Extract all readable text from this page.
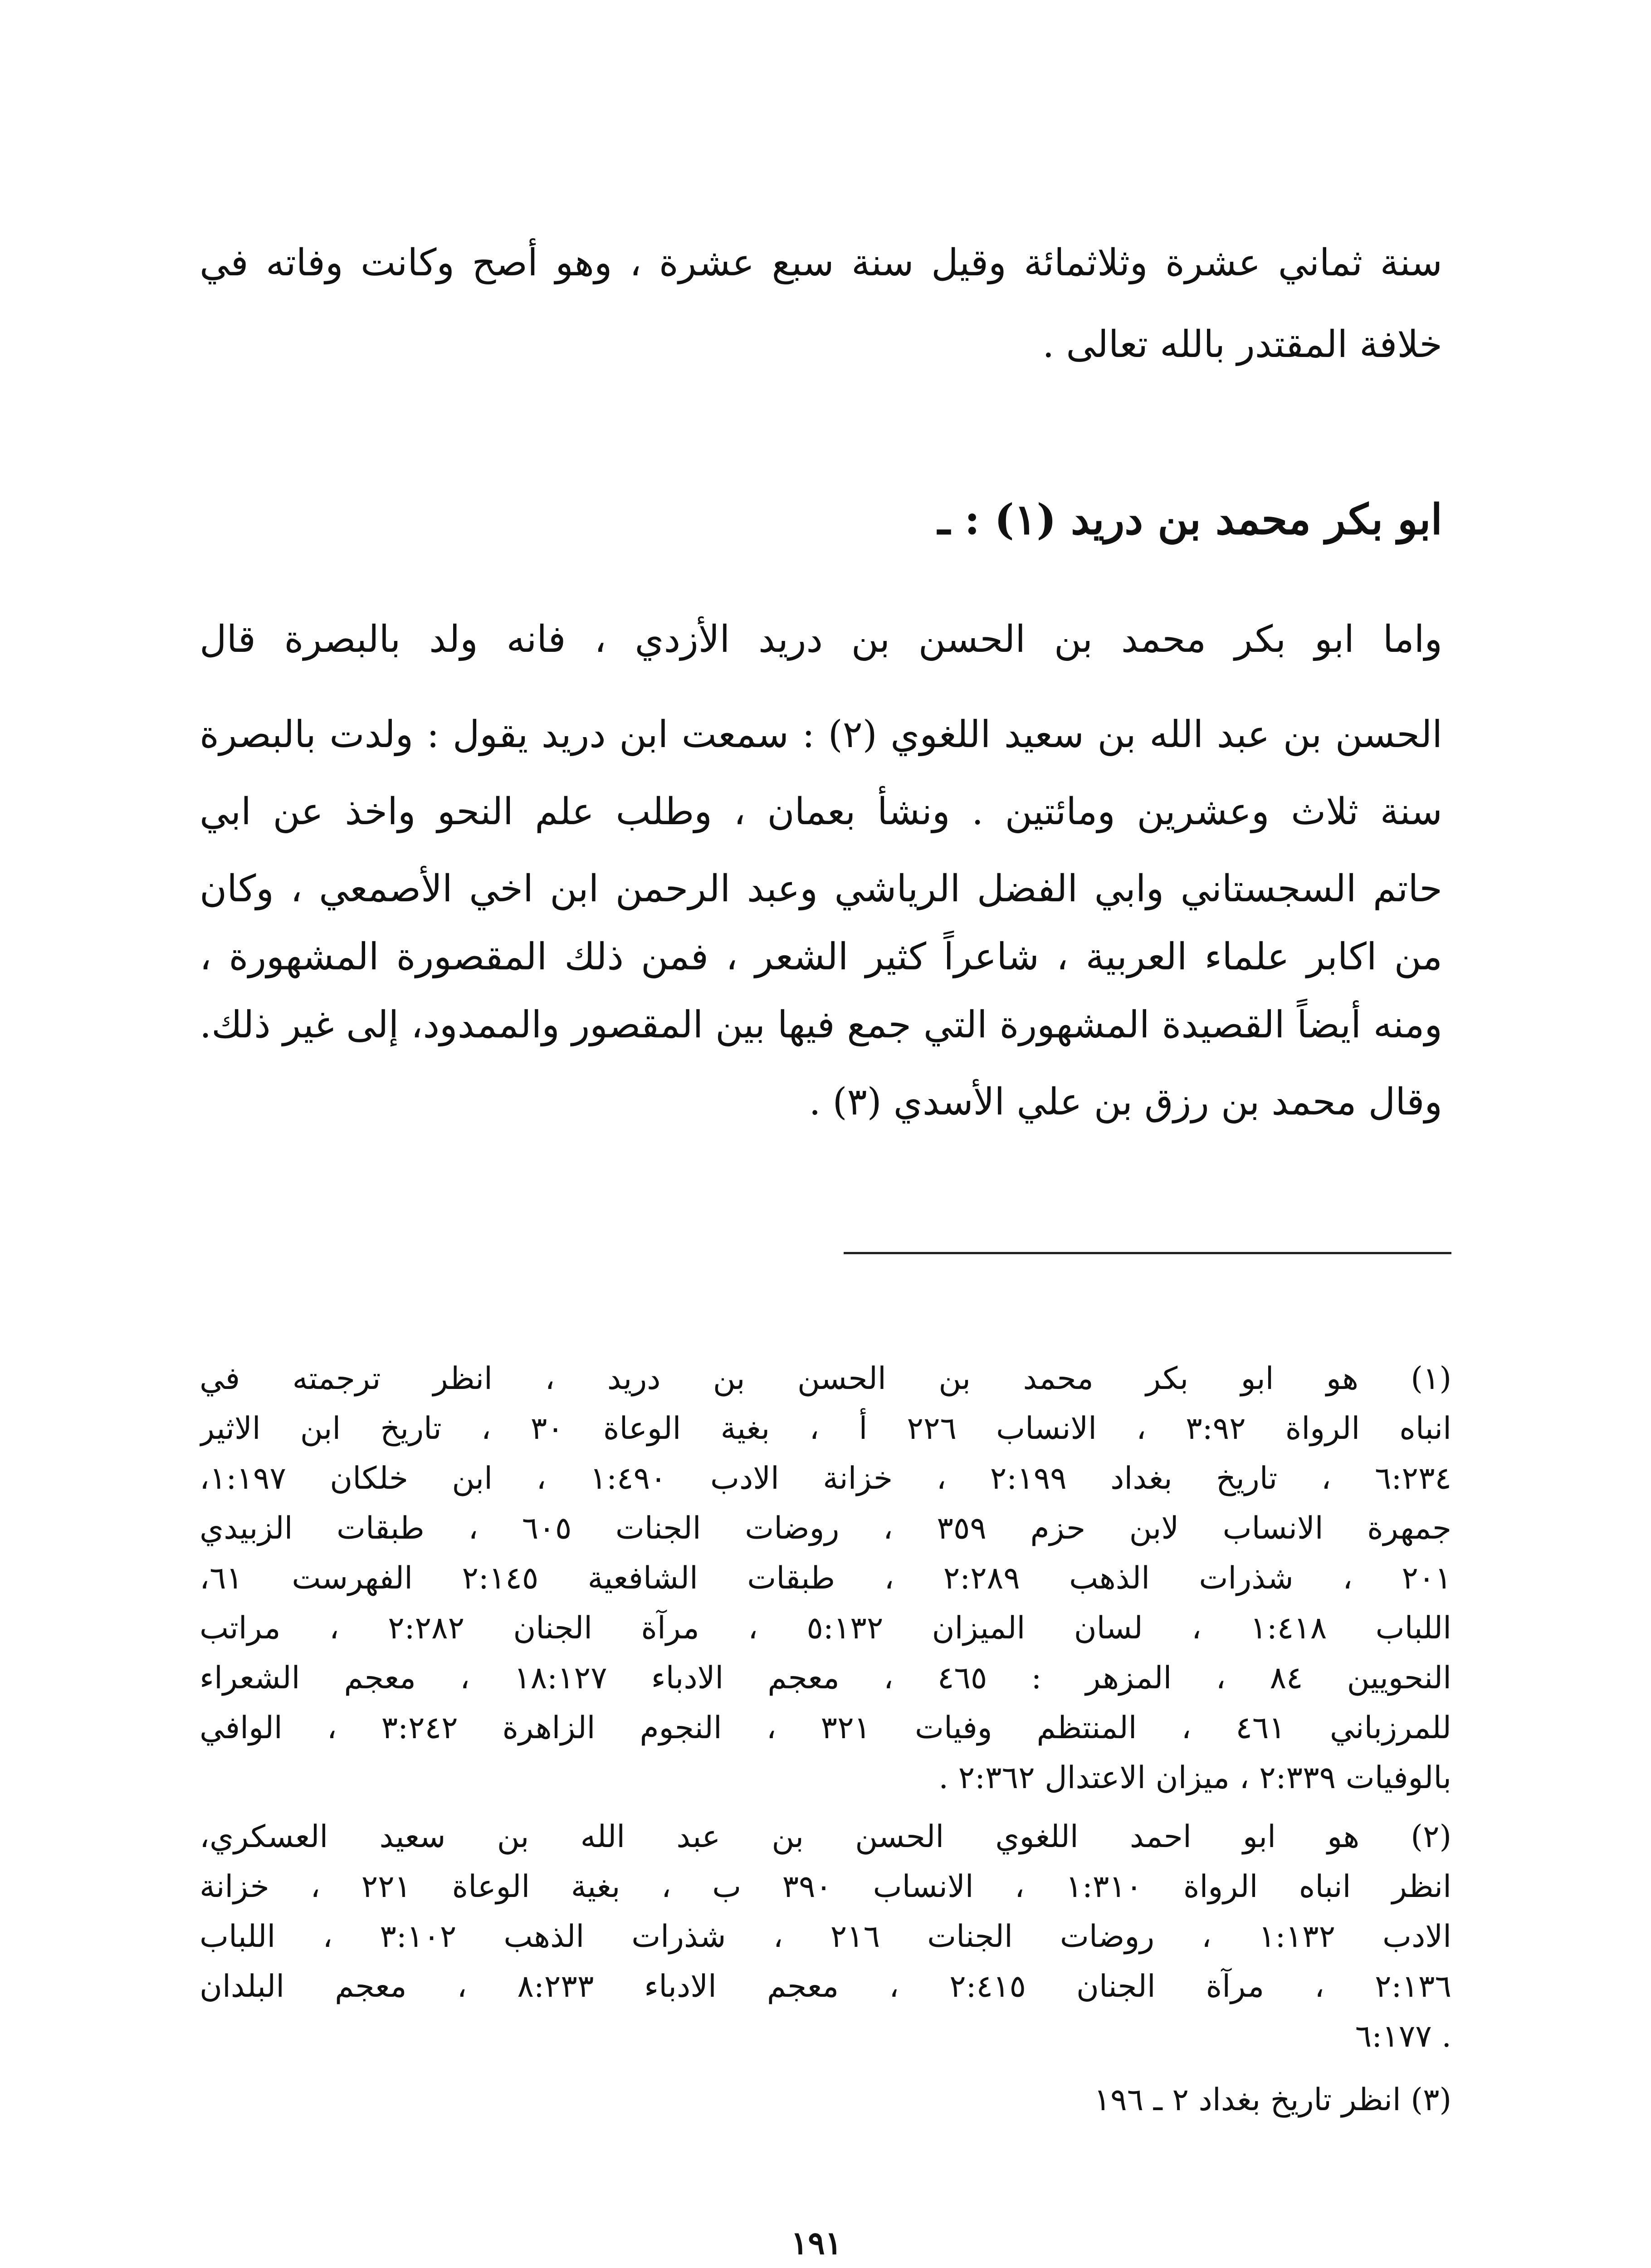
سنة ثماني عشرة وثلاثمائة وقيل سنة سبع عشرة ، وهو أصح وكانت وفاته في
خلافة المقتدر بالله تعالى .
ابو بكر محمد بن دريد (١) : ـ
واما ابو بكر محمد بن الحسن بن دريد الأزدي ، فانه ولد بالبصرة قال
الحسن بن عبد الله بن سعيد اللغوي (٢) : سمعت ابن دريد يقول : ولدت بالبصرة
سنة ثلاث وعشرين ومائتين . ونشأ بعمان ، وطلب علم النحو واخذ عن ابي
حاتم السجستاني وابي الفضل الرياشي وعبد الرحمن ابن اخي الأصمعي ، وكان
من اكابر علماء العربية ، شاعراً كثير الشعر ، فمن ذلك المقصورة المشهورة ،
ومنه أيضاً القصيدة المشهورة التي جمع فيها بين المقصور والممدود، إلى غير ذلك.
وقال محمد بن رزق بن علي الأسدي (٣) .
(١) هو ابو بكر محمد بن الحسن بن دريد ، انظر ترجمته في
انباه الرواة ٣:٩٢ ، الانساب ٢٢٦ أ ، بغية الوعاة ٣٠ ، تاريخ ابن الاثير
٦:٢٣٤ ، تاريخ بغداد ٢:١٩٩ ، خزانة الادب ١:٤٩٠ ، ابن خلكان ١:١٩٧،
جمهرة الانساب لابن حزم ٣٥٩ ، روضات الجنات ٦٠٥ ، طبقات الزبيدي
٢٠١ ، شذرات الذهب ٢:٢٨٩ ، طبقات الشافعية ٢:١٤٥ الفهرست ٦١،
اللباب ١:٤١٨ ، لسان الميزان ٥:١٣٢ ، مرآة الجنان ٢:٢٨٢ ، مراتب
النحويين ٨٤ ، المزهر : ٤٦٥ ، معجم الادباء ١٨:١٢٧ ، معجم الشعراء
للمرزباني ٤٦١ ، المنتظم وفيات ٣٢١ ، النجوم الزاهرة ٣:٢٤٢ ، الوافي
بالوفيات ٢:٣٣٩ ، ميزان الاعتدال ٢:٣٦٢ .
(٢) هو ابو احمد اللغوي الحسن بن عبد الله بن سعيد العسكري،
انظر انباه الرواة ١:٣١٠ ، الانساب ٣٩٠ ب ، بغية الوعاة ٢٢١ ، خزانة
الادب ١:١٣٢ ، روضات الجنات ٢١٦ ، شذرات الذهب ٣:١٠٢ ، اللباب
٢:١٣٦ ، مرآة الجنان ٢:٤١٥ ، معجم الادباء ٨:٢٣٣ ، معجم البلدان
٦:١٧٧ .
(٣) انظر تاريخ بغداد ٢ ـ ١٩٦
١٩١
